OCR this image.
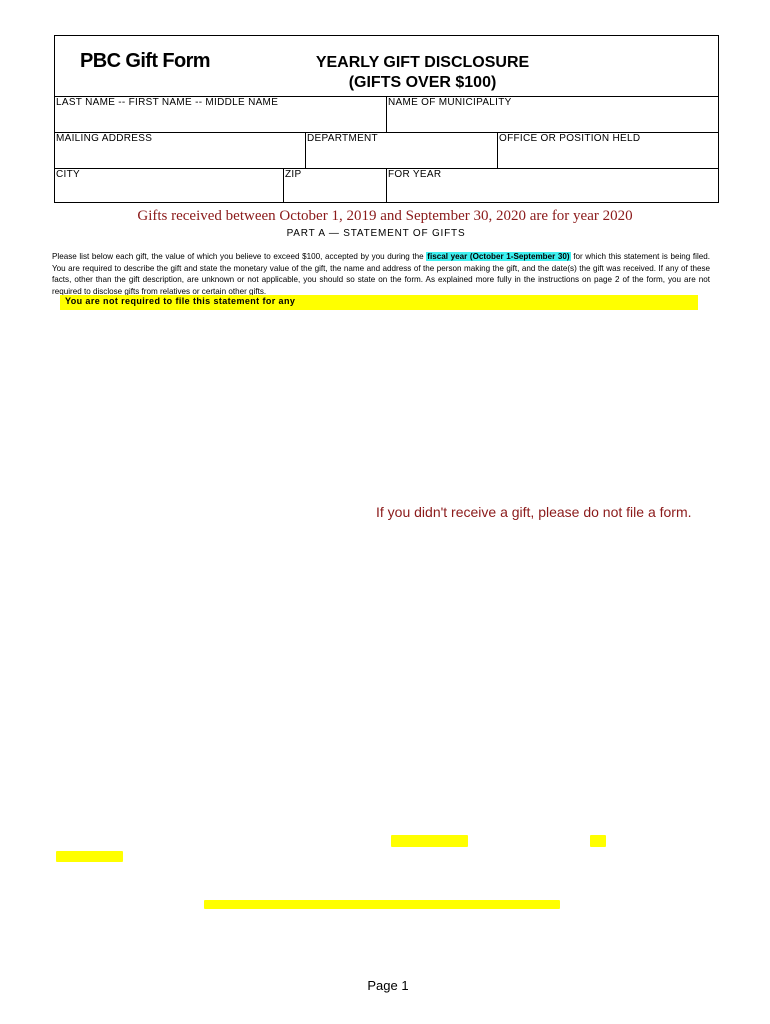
PBC Gift Form	YEARLY GIFT DISCLOSURE
(GIFTS OVER $100)
LAST NAME -- FIRST NAME -- MIDDLE NAME	NAME OF MUNICIPALITY
MAILING ADDRESS	DEPARTMENT	OFFICE OR POSITION HELD
CITY	ZIP	FOR YEAR
Gifts received between October 1, 2019 and September 30, 2020 are for year 2020
PART A — STATEMENT OF GIFTS
Please list below each gift, the value of which you believe to exceed $100, accepted by you during the fiscal year (October 1-September 30) for which this statement is being filed. You are required to describe the gift and state the monetary value of the gift, the name and address of the person making the gift, and the date(s) the gift was received. If any of these facts, other than the gift description, are unknown or not applicable, you should so state on the form. As explained more fully in the instructions on page 2 of the form, you are not required to disclose gifts from relatives or certain other gifts.
You are not required to file this statement for any
If you didn't receive a gift, please do not file a form.
Page 1
